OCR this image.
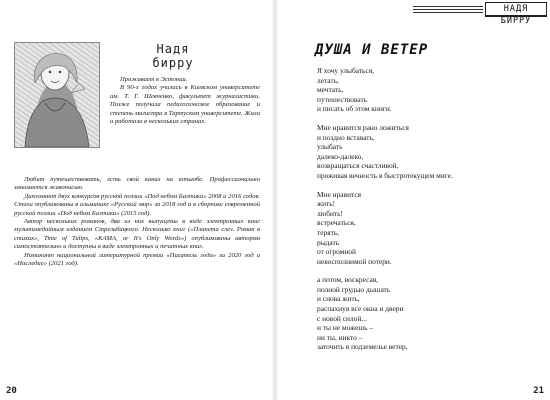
Надя
бирру

Проживает в Эстонии.

В 90-х годах училась в Киевском университете им. Т. Г. Шевченко, факультет журналистики. Позже получила педагогическое образование и степень магистра в Тартуском университете. Жила и работала в нескольких странах.

Любит путешествовать, есть свой канал на ютьюбе. Профессионально занимается живописью.

Дипломант двух конкурсов русской поэзии «Под небом Балтики» 2008 и 2016 годов. Стихи опубликованы в альманахе «Русский мир» за 2018 год и в сборнике современной русской поэзии «Под небом Балтики» (2015 год).

Автор нескольких романов, два из них выпущены в виде электронных книг мультимедийным изданием Стрельбицкого. Несколько книг («Планета слез. Роман в стихах», Time of Tulips, «КАМА, or It's Only Words») опубликованы автором самостоятельно и доступны в виде электронных и печатных книг.

Номинант национальной литературной премии «Писатель года» за 2020 год и «Наследие» (2021 год).

20
НАДЯ БИРРУ
ДУША И ВЕТЕР
Я хочу улыбаться,
летать,
мечтать,
путешествовать
и писать об этом книги.
Мне нравится рано ложиться
и поздно вставать,
улыбать
далеко-далеко,
возвращаться счастливой,
проживая вечность в быстротекущем миге.
Мне нравится
жить!
любить!
встречаться,
терять,
рыдать
от огромной
невосполнимой потери.
а потом, воскресая,
полной грудью дышать
и снова жить,
распахнув все окна и двери
с новой силой...
и ты не можешь –
ни ты, никто –
заточить в подземелье ветер,
21
